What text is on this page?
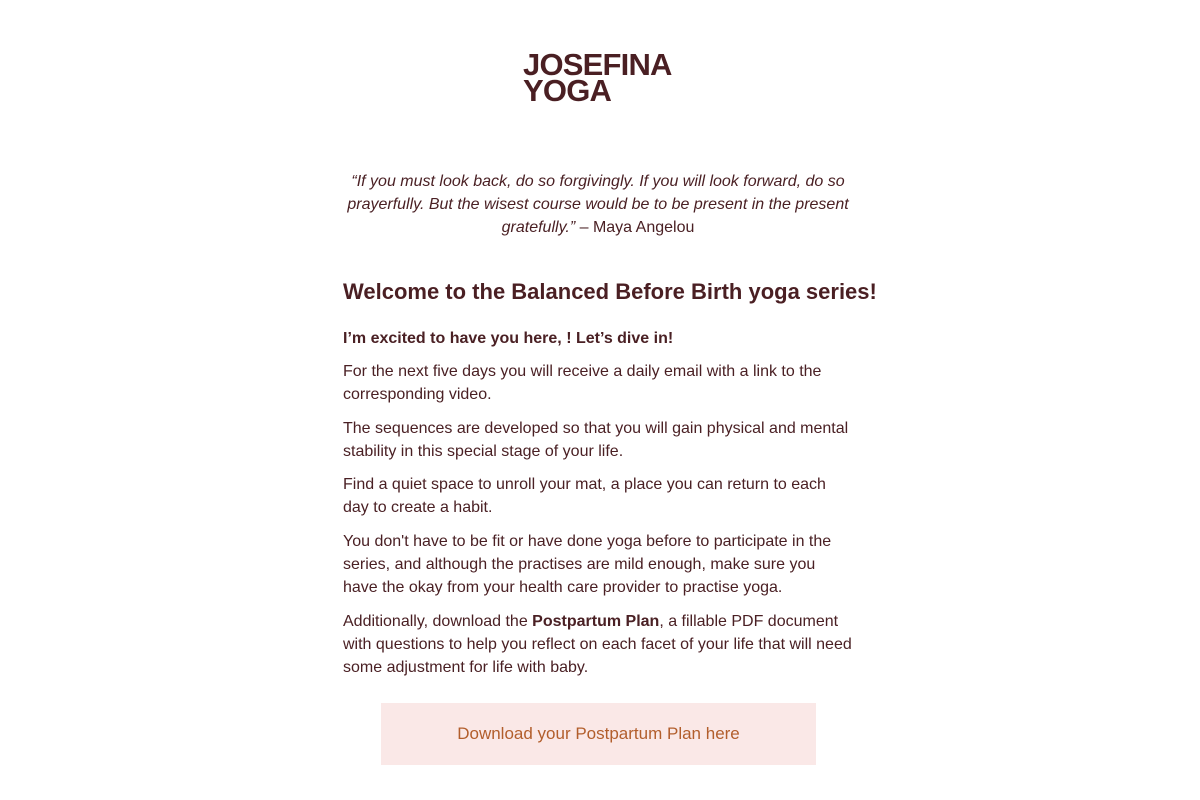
JOSEFINA
YOGA
“If you must look back, do so forgivingly. If you will look forward, do so prayerfully. But the wisest course would be to be present in the present gratefully.” – Maya Angelou
Welcome to the Balanced Before Birth yoga series!

I’m excited to have you here, ! Let’s dive in!

For the next five days you will receive a daily email with a link to the corresponding video.

The sequences are developed so that you will gain physical and mental stability in this special stage of your life.

Find a quiet space to unroll your mat, a place you can return to each day to create a habit.

You don't have to be fit or have done yoga before to participate in the series, and although the practises are mild enough, make sure you have the okay from your health care provider to practise yoga.

Additionally, download the Postpartum Plan, a fillable PDF document with questions to help you reflect on each facet of your life that will need some adjustment for life with baby.

Download your Postpartum Plan here
